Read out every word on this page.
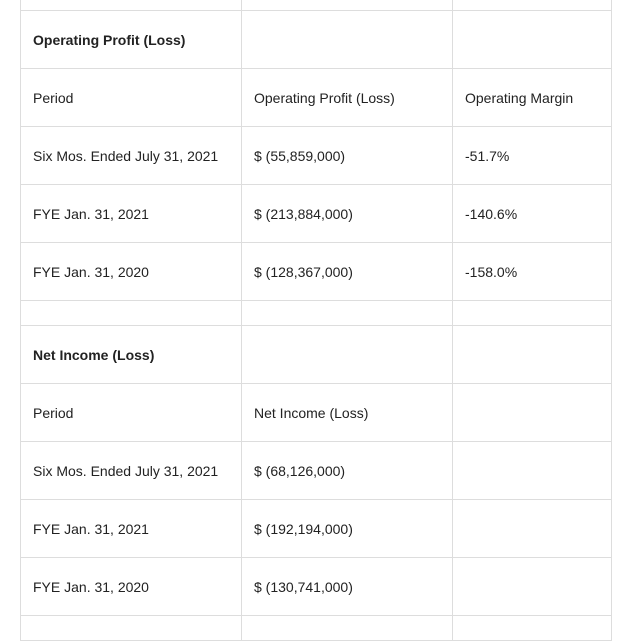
Operating Profit (Loss)		
Period	Operating Profit (Loss)	Operating Margin
Six Mos. Ended July 31, 2021	$ (55,859,000)	-51.7%
FYE Jan. 31, 2021	$ (213,884,000)	-140.6%
FYE Jan. 31, 2020	$ (128,367,000)	-158.0%

Net Income (Loss)		
Period	Net Income (Loss)	
Six Mos. Ended July 31, 2021	$ (68,126,000)	
FYE Jan. 31, 2021	$ (192,194,000)	
FYE Jan. 31, 2020	$ (130,741,000)	
